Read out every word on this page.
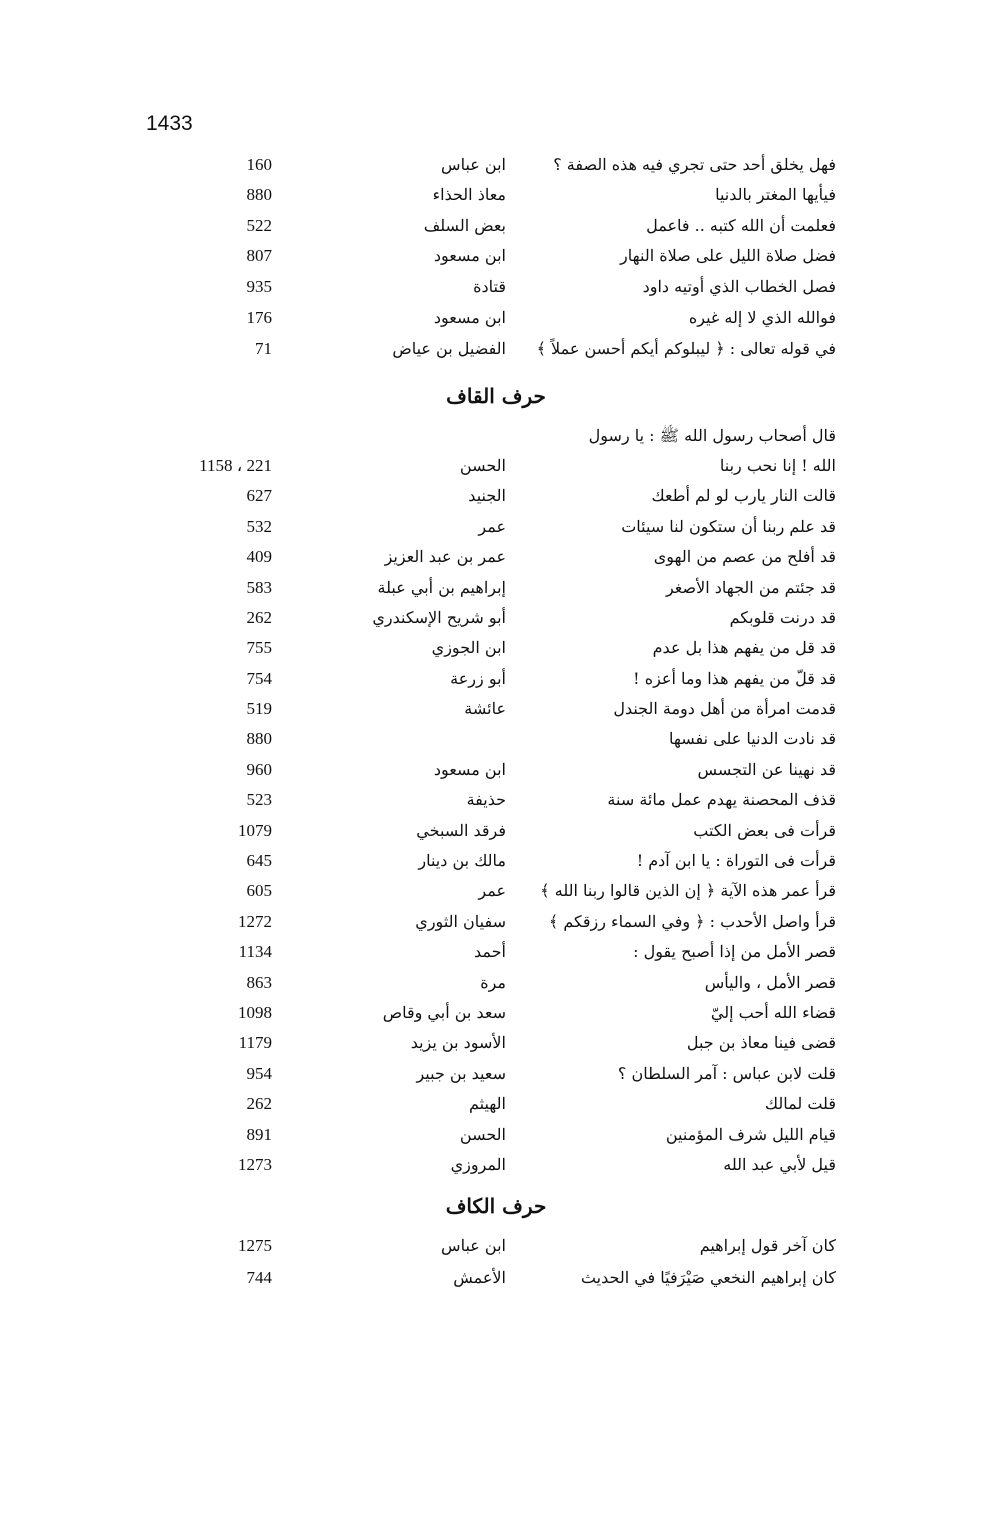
1433
فهل يخلق أحد حتى تجري فيه هذه الصفة ؟
ابن عباس
160
فيأيها المغتر بالدنيا
معاذ الحذاء
880
فعلمت أن الله كتبه .. فاعمل
بعض السلف
522
فضل صلاة الليل على صلاة النهار
ابن مسعود
807
فصل الخطاب الذي أوتيه داود
قتادة
935
فوالله الذي لا إله غيره
ابن مسعود
176
في قوله تعالى : ﴿ ليبلوكم أيكم أحسن عملاً ﴾
الفضيل بن عياض
71
حرف القاف
قال أصحاب رسول الله ﷺ : يا رسول
الله ! إنا نحب ربنا
الحسن
221 ، 1158
قالت النار يارب لو لم أطعك
الجنيد
627
قد علم ربنا أن ستكون لنا سيئات
عمر
532
قد أفلح من عصم من الهوى
عمر بن عبد العزيز
409
قد جئتم من الجهاد الأصغر
إبراهيم بن أبي عبلة
583
قد درنت قلوبكم
أبو شريح الإسكندري
262
قد قل من يفهم هذا بل عدم
ابن الجوزي
755
قد قلّ من يفهم هذا وما أعزه !
أبو زرعة
754
قدمت امرأة من أهل دومة الجندل
عائشة
519
قد نادت الدنيا على نفسها
880
قد نهينا عن التجسس
ابن مسعود
960
قذف المحصنة يهدم عمل مائة سنة
حذيفة
523
قرأت فى بعض الكتب
فرقد السبخي
1079
قرأت فى التوراة : يا ابن آدم !
مالك بن دينار
645
قرأ عمر هذه الآية ﴿ إن الذين قالوا ربنا الله ﴾
عمر
605
قرأ واصل الأحدب : ﴿ وفي السماء رزقكم ﴾
سفيان الثوري
1272
قصر الأمل من إذا أصبح يقول :
أحمد
1134
قصر الأمل ، واليأس
مرة
863
قضاء الله أحب إليّ
سعد بن أبي وقاص
1098
قضى فينا معاذ بن جبل
الأسود بن يزيد
1179
قلت لابن عباس : آمر السلطان ؟
سعيد بن جبير
954
قلت لمالك
الهيثم
262
قيام الليل شرف المؤمنين
الحسن
891
قيل لأبي عبد الله
المروزي
1273
حرف الكاف
كان آخر قول إبراهيم
ابن عباس
1275
كان إبراهيم النخعي صَيْرَفيًا في الحديث
الأعمش
744
